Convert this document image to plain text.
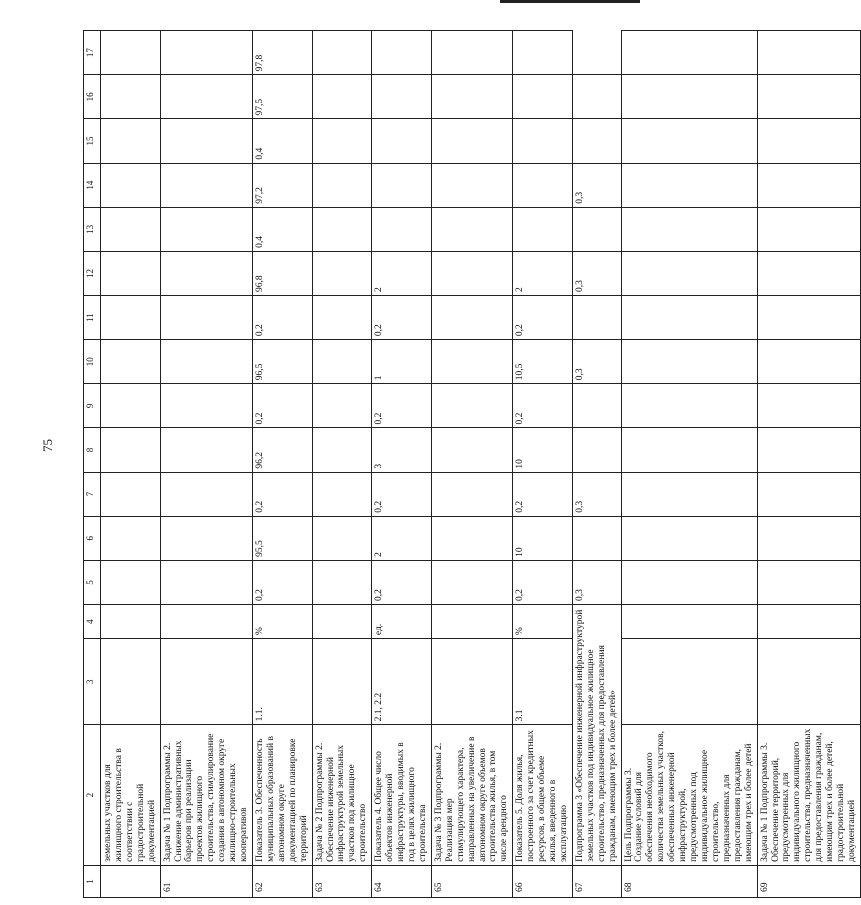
75
1	2	3	4	5	6	7	8	9	10	11	12	13	14	15	16	17
	земельных участков для жилищного строительства в соответствии с градостроительной документацией															
61	Задача № 1 Подпрограммы 2. Снижение административных барьеров при реализации проектов жилищного строительства, стимулирование создания в автономном округе жилищно-строительных кооперативов															
62	Показатель 3. Обеспеченность муниципальных образований в автономном округе документацией по планировке территорий	1.1.	%	0,2	95,5	0,2	96,2	0,2	96,5	0,2	96,8	0,4	97,2	0,4	97,5	97,8
63	Задача № 2 Подпрограммы 2. Обеспечение инженерной инфраструктурой земельных участков под жилищное строительство															
64	Показатель 4. Общее число объектов инженерной инфраструктуры, вводимых в год в целях жилищного строительства	2.1, 2.2	ед.	0,2	2	0,2	3	0,2	1	0,2	2					
65	Задача № 3 Подпрограммы 2. Реализация мер стимулирующего характера, направленных на увеличение в автономном округе объемов строительства жилья, в том числе арендного															
66	Показатель 5. Доля жилья, построенного за счет кредитных ресурсов, в общем объеме жилья, введенного в эксплуатацию	3.1	%	0,2	10	0,2	10	0,2	10,5	0,2	2					
67	Подпрограмма 3 «Обеспечение инженерной инфраструктурой земельных участков под индивидуальное жилищное строительство, предназначенных для предоставления гражданам, имеющим трех и более детей»			0,3		0,3			0,3		0,3		0,3			
68	Цель Подпрограммы 3. Создание условий для обеспечения необходимого количества земельных участков, обеспеченных инженерной инфраструктурой, предусмотренных под индивидуальное жилищное строительство, предназначенных для предоставления гражданам, имеющим трех и более детей															
69	Задача № 1 Подпрограммы 3. Обеспечение территорий, предусмотренных для индивидуального жилищного строительства, предназначенных для предоставления гражданам, имеющим трех и более детей, градостроительной документацией															
